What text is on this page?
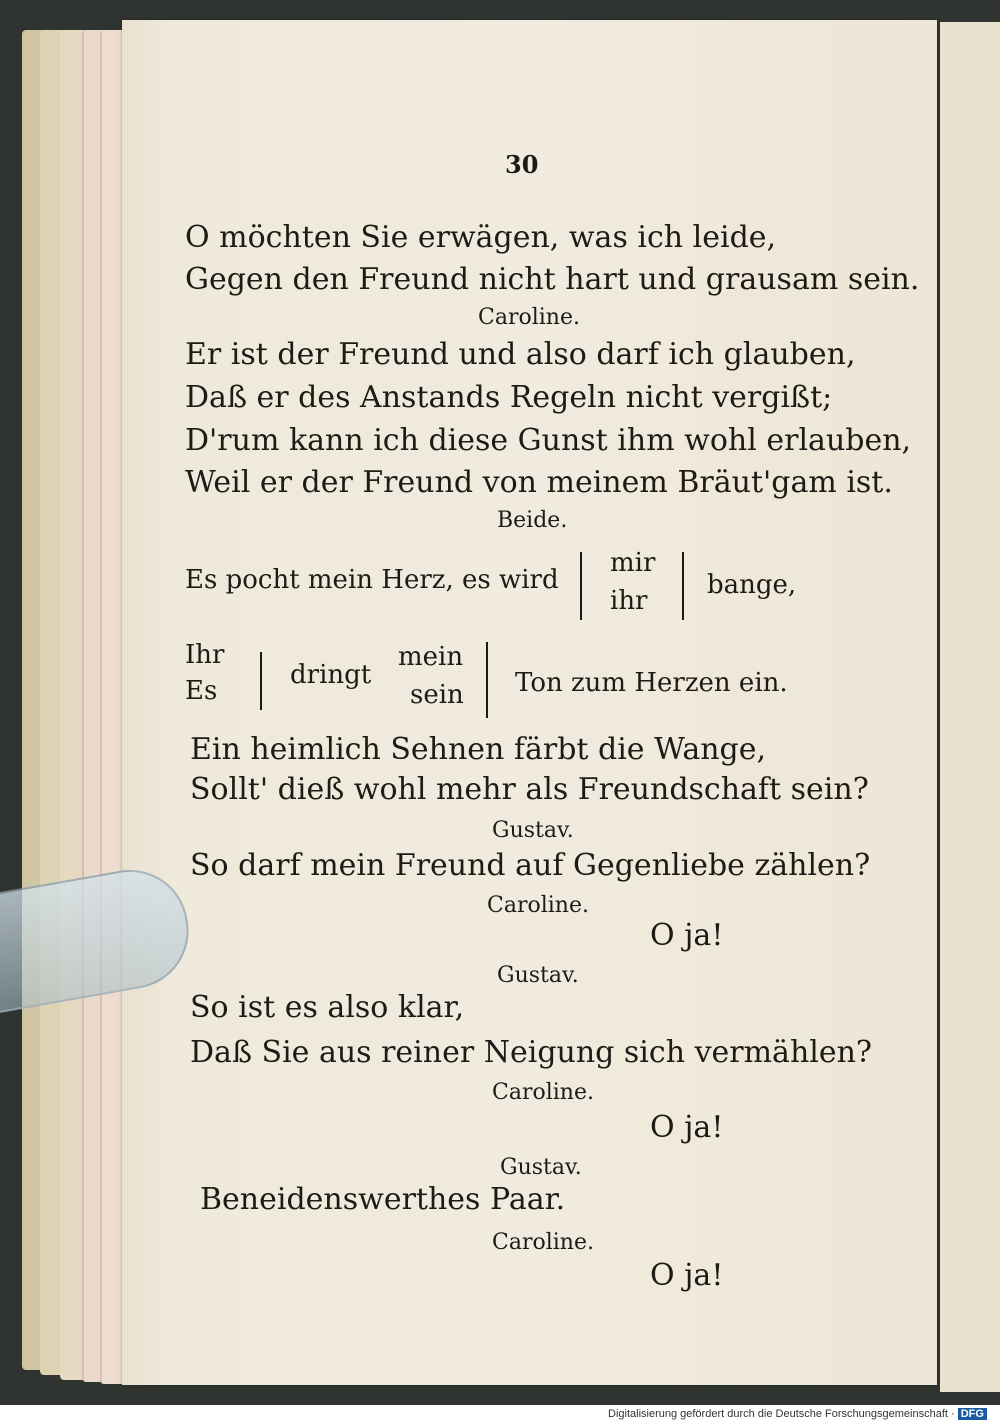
30
O möchten Sie erwägen, was ich leide,
Gegen den Freund nicht hart und grausam sein.
Caroline.
Er ist der Freund und also darf ich glauben,
Daß er des Anstands Regeln nicht vergißt;
D'rum kann ich diese Gunst ihm wohl erlauben,
Weil er der Freund von meinem Bräut'gam ist.
Beide.
Es pocht mein Herz, es wird
mir
ihr
bange,
Ihr
Es
dringt
mein
sein Ton zum Herzen ein.
Ein heimlich Sehnen färbt die Wange,
Sollt' dieß wohl mehr als Freundschaft sein?
Gustav.
So darf mein Freund auf Gegenliebe zählen?
Caroline.
O ja!
Gustav.
So ist es also klar,
Daß Sie aus reiner Neigung sich vermählen?
Caroline.
O ja!
Gustav.
Beneidenswerthes Paar.
Caroline.
O ja!
Digitalisierung gefördert durch die Deutsche Forschungsgemeinschaft · DFG
